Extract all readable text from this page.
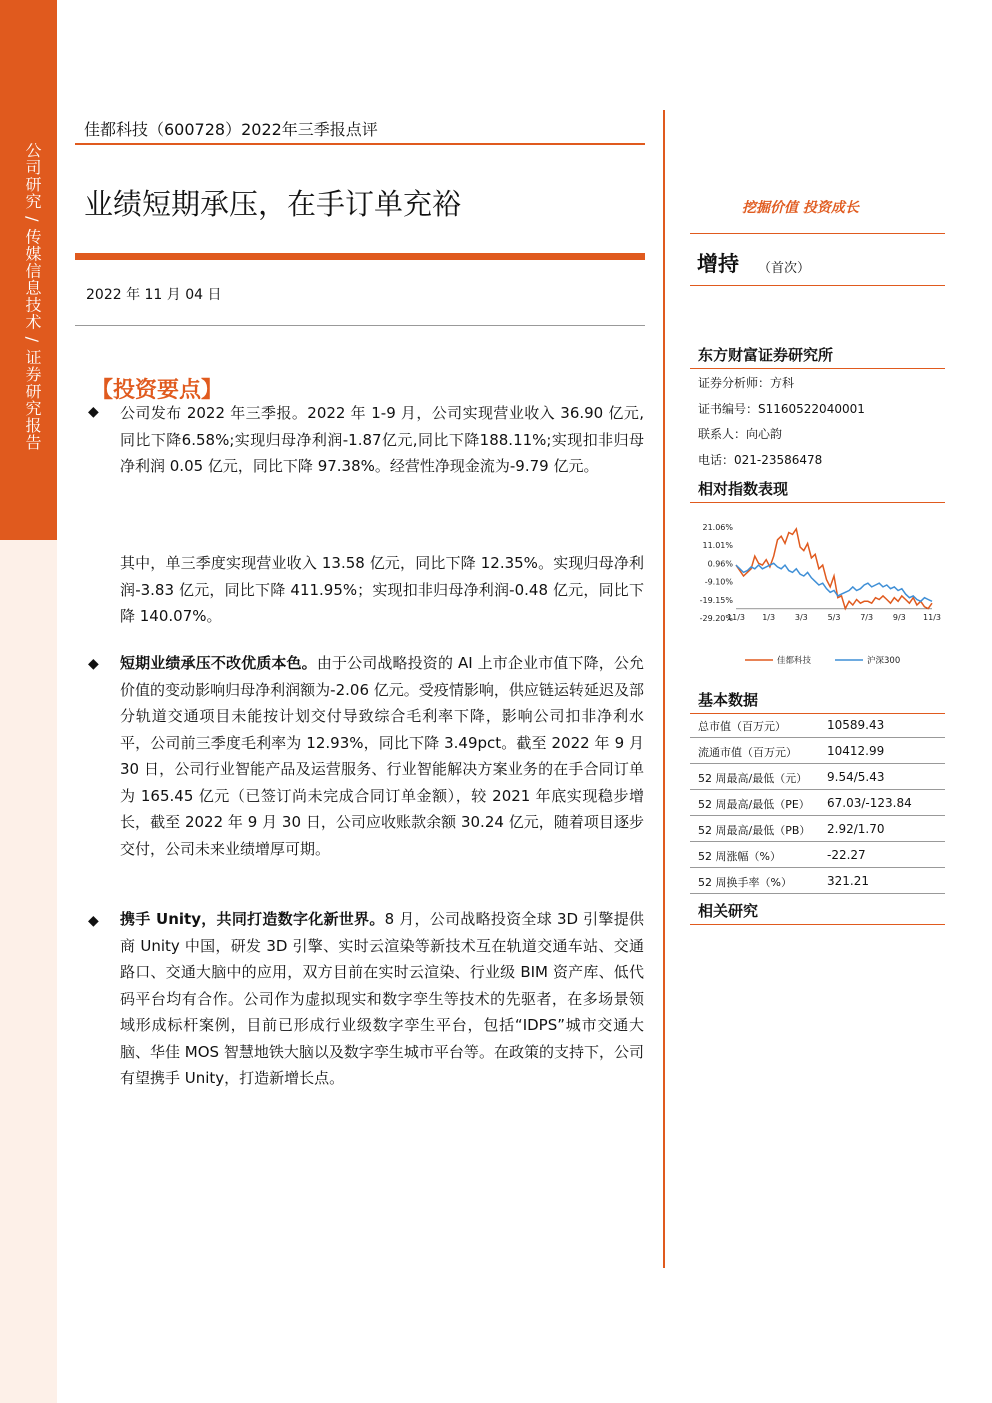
公司研究 / 传媒信息技术 / 证券研究报告
佳都科技（600728）2022年三季报点评
业绩短期承压，在手订单充裕
2022 年 11 月 04 日
【投资要点】
◆ 公司发布 2022 年三季报。2022 年 1-9 月，公司实现营业收入 36.90 亿元,同比下降6.58%;实现归母净利润-1.87亿元,同比下降188.11%;实现扣非归母净利润 0.05 亿元，同比下降 97.38%。经营性净现金流为-9.79 亿元。
其中，单三季度实现营业收入 13.58 亿元，同比下降 12.35%。实现归母净利润-3.83 亿元，同比下降 411.95%；实现扣非归母净利润-0.48 亿元，同比下降 140.07%。
◆ 短期业绩承压不改优质本色。由于公司战略投资的 AI 上市企业市值下降，公允价值的变动影响归母净利润额为-2.06 亿元。受疫情影响，供应链运转延迟及部分轨道交通项目未能按计划交付导致综合毛利率下降，影响公司扣非净利水平，公司前三季度毛利率为 12.93%，同比下降 3.49pct。截至 2022 年 9 月 30 日，公司行业智能产品及运营服务、行业智能解决方案业务的在手合同订单为 165.45 亿元（已签订尚未完成合同订单金额），较 2021 年底实现稳步增长，截至 2022 年 9 月 30 日，公司应收账款余额 30.24 亿元，随着项目逐步交付，公司未来业绩增厚可期。
◆ 携手 Unity，共同打造数字化新世界。8 月，公司战略投资全球 3D 引擎提供商 Unity 中国，研发 3D 引擎、实时云渲染等新技术互在轨道交通车站、交通路口、交通大脑中的应用，双方目前在实时云渲染、行业级 BIM 资产库、低代码平台均有合作。公司作为虚拟现实和数字孪生等技术的先驱者，在多场景领域形成标杆案例，目前已形成行业级数字孪生平台，包括“IDPS”城市交通大脑、华佳 MOS 智慧地铁大脑以及数字孪生城市平台等。在政策的支持下，公司有望携手 Unity，打造新增长点。
挖掘价值 投资成长
增持 （首次）
东方财富证券研究所
证券分析师：方科
证书编号：S1160522040001
联系人：向心韵
电话：021-23586478
相对指数表现
21.06%
11.01%
0.96%
-9.10%
-19.15%
-29.20%
11/3 1/3 3/3 5/3 7/3 9/3 11/3
佳都科技	沪深300
基本数据
总市值（百万元）	10589.43
流通市值（百万元）	10412.99
52 周最高/最低（元） 9.54/5.43
52 周最高/最低（PE） 67.03/-123.84
52 周最高/最低（PB） 2.92/1.70
52 周涨幅（%）	-22.27
52 周换手率（%）	321.21
相关研究
